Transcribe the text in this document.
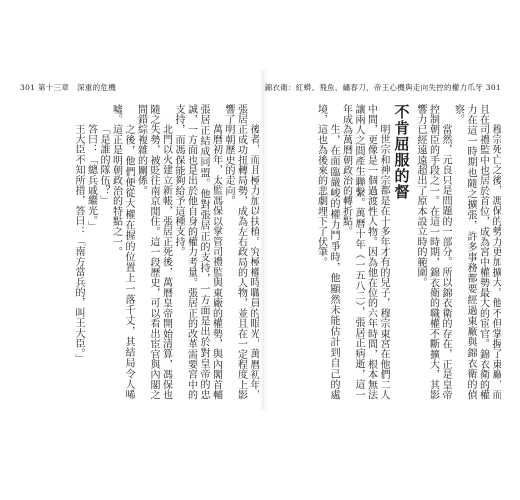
301 第十三章　深重的危機

後者，而且極力加以扶植。究極權時職員的眼光，萬曆初年，張居正成功扭轉局勢，成為左右政局的人物，並且在一定程度上影響了明朝歷史的走向。

萬曆初年，太監馮保以掌管司禮監與東廠的權勢，與內閣首輔張居正結成同盟。他對張居正的支持，一方面是出於對皇帝的忠誠，一方面也是出於他自身的權力考量。張居正的改革需要宮中的支持，而馮保能夠給予這種支持。

北門以火建立新帳，張居正死後，萬曆皇帝開始清算，馮保也隨之失勢，被貶往南京閒住。這一段歷史，可以看出宦官與內閣之間錯綜複雜的關係。

之後，他們便從大權在握的位置上一落千丈，其結局令人唏噓。這正是明朝政治的特點之一。

「是誰的隊伍？」

答曰：「總兵戚繼光。」

王大臣不知所措，答曰：「南方當兵的，叫王大臣。」

錦衣衛：紅蟒、飛魚、繡春刀，帝王心機與走向失控的權力爪牙 301

穆宗死亡之後，馮保的勢力更加擴大。他不但掌握了東廠，而且在司禮監中也居於首位，成為宮中權勢最大的宦官。錦衣衛的權力在這一時期也隨之擴張，許多事務都要經過東廠與錦衣衛的偵察。

當然，元良只是問題的一部分。所以錦衣衛的存在，正是皇帝控制朝臣的手段之一。在這一時期，錦衣衛的職權不斷擴大，其影響力已經遠遠超出了原本設立時的範圍。

不肯屈服的督

明世宗和神宗都是在十多年才有的兒子，穆宗東宮在他們二人中間，更像是一個過渡性人物。因為他在位的六年時間，根本無法讓兩人之間產生聯繫。萬曆十年（一五八二），張居正病逝，這一年成為萬曆朝政治的轉折點。

生，在面臨嚴峻的權力鬥爭時，他顯然未能估計到自己的處境，這也為後來的悲劇埋下了伏筆。
